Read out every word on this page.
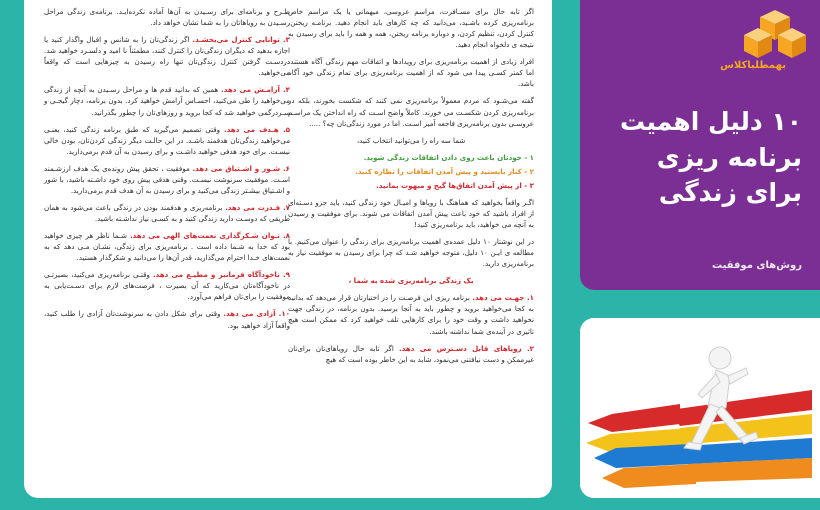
اگر تابه حال برای مسـافرت، مراسم عروسی، میهمانی یا یک مراسم خاص برنامه‌ریزی کرده باشـید، می‌دانید که چه کارهای باید انجام دهید. برنامـه ریختن، کنترل کردن، تنظیم کردن، و دوباره برنامه ریختن، همه و همه را باید برای رسیدن به نتیجه ی دلخواه انجام دهید.

افراد زیادی از اهمیت برنامه‌ریزی برای رویدادها و اتفاقات مهم زندگی آگاه هستند، اما کمتر کسـی پیدا می شود که از اهمیت برنامه‌ریزی برای تمام زندگی خود آگاه باشد.

گفته می‌شـود که مردم معمولاً برنامه‌ریزی نمی کنند که شکست بخورند، بلکه در برنامه‌ریزی کردن شکسـت می خورند. کاملاً واضح اسـت که راه انداختن یک مراسـم عروسـی بدون برنامه‌ریزی فاجعه آمیز اسـت. اما در مورد زندگی‌تان چه؟ .....

شما سه راه را می‌توانید انتخاب کنید،

۱ - خودتان باعث روی دادن اتفاقات زندگی شوید.

۲ - کنار بایستید و پیش آمدن اتفاقات را نظاره کنید.

۳ - از پیش آمدن اتفاق‌ها گیج و مبهوت بمانید.

اگـر واقعاً بخواهید که هماهنگ با رویاها و امیـال خود زندگی کنید، باید جزو دسـته‌ای از افراد باشید که خود باعث پیش آمدن اتفاقات می شوند. برای موفقیت و رسیدن به آنچه می خواهید، باید برنامه‌ریزی کنید!

در این نوشتار ۱۰ دلیل عمده‌ی اهمیت برنامه‌ریزی برای زندگی را عنوان می‌کنیم. با مطالعه ی ایـن ۱۰ دلیل، متوجه خواهید شـد که چرا برای رسیدن به موفقیت نیاز به برنامه‌ریزی دارید.

یک زندگی برنامه‌ریزی شده به شما ،

۱. جهـت می دهد. برنامه ریزی این فرصـت را در اختیارتان قرار می‌دهد که بدانید به کجا می‌خواهید بروید و چطور باید به آنجا برسید. بدون برنامه، در زندگی جهت نخواهید داشت و وقت خود را برای کارهایی تلف خواهید کرد که ممکن است هیچ تاثیری در آینده‌ی شما نداشته باشند.

۲. رویاهای قابل دسـترس می دهد. اگر تابه حال رویاهای‌تان برای‌تان غیرممکن و دست نیافتنی می‌نمود، شاید به این خاطر بوده است که هیچ

طـرح و برنامه‌ای برای رسـیدن به آن‌ها آماده نکرده‌ایـد. برنامه‌ی زندگی مراحل رسـیدن به رویاهاتان را به شما نشان خواهد داد.

۳. توانایی کنترل می‌بخشـد. اگر زندگی‌تان را به شانس و اقبال واگذار کنید یا اجازه بدهید که دیگران زندگی‌تان را کنترل کنند، مطمئناً نا امید و دلسـرد خواهید شد. دردسـت گرفتن کنترل زندگی‌تان تنها راه رسیدن به چیزهایی است که واقعاً می‌خواهید.

۴. آرامـش می دهد. همین که بدانید قدم ها و مراحل رسـیدن به آنچه از زندگی می‌خواهید را طی می‌کنید، احسـاس آرامش خواهید کرد. بدون برنامه، دچار گیجـی و سـردرگمی خواهید شد که کجا بروید و روزهای‌تان را چطور بگذرانید.

۵. هـدف می دهد. وقتی تصمیم می‌گیرید که طبق برنامه زندگی کنید، یعنـی می‌خواهید زندگی‌تان هدفمند باشـد. در این حالـت دیگر زندگی کردن‌تان، بودن خالی نیسـت. برای خود هدفی خواهید داشـت و برای رسیدن به آن قدم برمی‌دارید.

۶. شـور و اشـتیاق می دهد. موفقیت ، تحقق پیش رونده‌ی یک هدف ارزشـمند اسـت. موفقیت سرنوشت نیسـت. وقتی هدفی پیش روی خود داشـته باشید، با شور و اشـتیاق بیشـتر زندگی می‌کنید و برای رسیدن به آن هدف قدم برمی‌دارید.

۷. قـدرت می دهد. برنامه‌ریزی و هدفمند بودن در زندگی باعث می‌شود به همان طریقی که دوسـت دارید زندگی کنید و به کسـی نیاز نداشـته باشید.

۸. تـوان شـکرگذاری نعمت‌های الهی می دهد. شـما ناظر هر چیزی خواهید بود که خدا به شـما داده است . برنامه‌ریزی برای زندگی، نشـان مـی دهد که به نعمت‌های خـدا احترام می‌گذارید، قدر آن‌ها را می‌دانید و شکرگذار هستید.

۹. ناخودآگاه فرمانبر و مطیـع می دهد. وقتـی برنامه‌ریزی می‌کنید، بصیرتـی در ناخودآگاه‌تان می‌کارید که آن بصیرت ، فرصت‌های لازم برای دسـت‌یابی به موفقیت را برای‌تان فراهم می‌آورد.

۱۰. آزادی می دهد. وقتی برای شکل دادن به سرنوشت‌تان آزادی را طلب کنید، واقعاً آزاد خواهید بود.

بهمطلباکلاس
۱۰ دلیل اهمیت
برنامه ریزی
برای زندگی
روش‌های موفقیت
